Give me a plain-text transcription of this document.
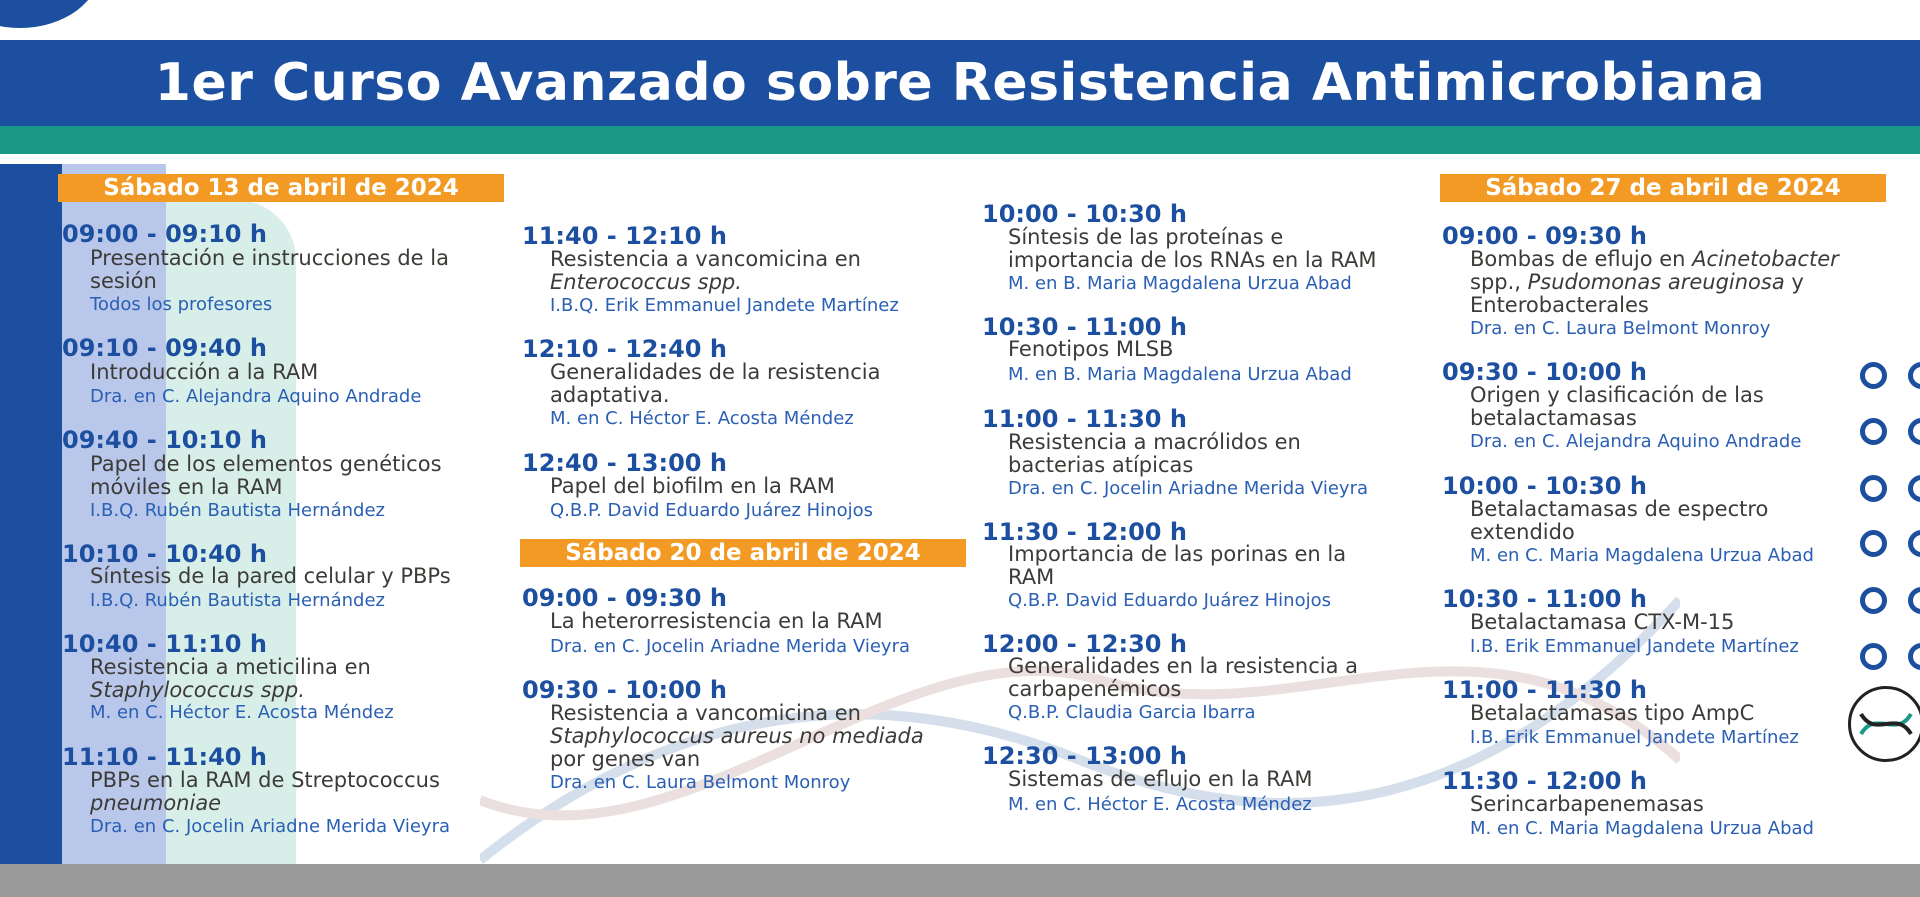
1er Curso Avanzado sobre Resistencia Antimicrobiana
Sábado 13 de abril de 2024
Sábado 20 de abril de 2024
Sábado 27 de abril de 2024
09:00 - 09:10 h
Presentación e instrucciones de la
sesión
Todos los profesores
09:10 - 09:40 h
Introducción a la RAM
Dra. en C. Alejandra Aquino Andrade
09:40 - 10:10 h
Papel de los elementos genéticos
móviles en la RAM
I.B.Q. Rubén Bautista Hernández
10:10 - 10:40 h
Síntesis de la pared celular y PBPs
I.B.Q. Rubén Bautista Hernández
10:40 - 11:10 h
Resistencia a meticilina en
Staphylococcus spp.
M. en C. Héctor E. Acosta Méndez
11:10 - 11:40 h
PBPs en la RAM de Streptococcus
pneumoniae
Dra. en C. Jocelin Ariadne Merida Vieyra
11:40 - 12:10 h
Resistencia a vancomicina en
Enterococcus spp.
I.B.Q. Erik Emmanuel Jandete Martínez
12:10 - 12:40 h
Generalidades de la resistencia
adaptativa.
M. en C. Héctor E. Acosta Méndez
12:40 - 13:00 h
Papel del biofilm en la RAM
Q.B.P. David Eduardo Juárez Hinojos
09:00 - 09:30 h
La heterorresistencia en la RAM
Dra. en C. Jocelin Ariadne Merida Vieyra
09:30 - 10:00 h
Resistencia a vancomicina en
Staphylococcus aureus no mediada
por genes van
Dra. en C. Laura Belmont Monroy
10:00 - 10:30 h
Síntesis de las proteínas e
importancia de los RNAs en la RAM
M. en B. Maria Magdalena Urzua Abad
10:30 - 11:00 h
Fenotipos MLSB
M. en B. Maria Magdalena Urzua Abad
11:00 - 11:30 h
Resistencia a macrólidos en
bacterias atípicas
Dra. en C. Jocelin Ariadne Merida Vieyra
11:30 - 12:00 h
Importancia de las porinas en la
RAM
Q.B.P. David Eduardo Juárez Hinojos
12:00 - 12:30 h
Generalidades en la resistencia a
carbapenémicos
Q.B.P. Claudia Garcia Ibarra
12:30 - 13:00 h
Sistemas de eflujo en la RAM
M. en C. Héctor E. Acosta Méndez
09:00 - 09:30 h
Bombas de eflujo en Acinetobacter
spp., Psudomonas areuginosa y
Enterobacterales
Dra. en C. Laura Belmont Monroy
09:30 - 10:00 h
Origen y clasificación de las
betalactamasas
Dra. en C. Alejandra Aquino Andrade
10:00 - 10:30 h
Betalactamasas de espectro
extendido
M. en C. Maria Magdalena Urzua Abad
10:30 - 11:00 h
Betalactamasa CTX-M-15
I.B. Erik Emmanuel Jandete Martínez
11:00 - 11:30 h
Betalactamasas tipo AmpC
I.B. Erik Emmanuel Jandete Martínez
11:30 - 12:00 h
Serincarbapenemasas
M. en C. Maria Magdalena Urzua Abad
